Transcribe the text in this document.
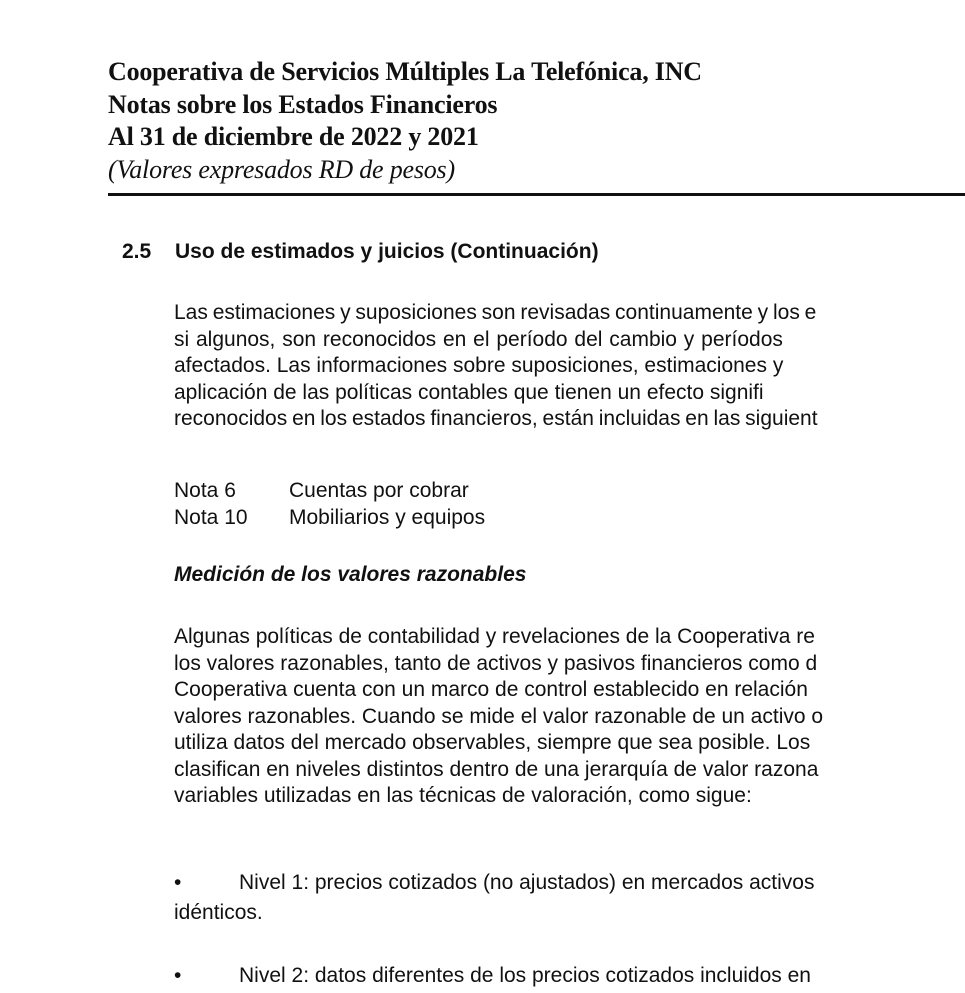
Cooperativa de Servicios Múltiples La Telefónica, INC
Notas sobre los Estados Financieros
Al 31 de diciembre de 2022 y 2021
(Valores expresados RD de pesos)
2.5 Uso de estimados y juicios (Continuación)
Las estimaciones y suposiciones son revisadas continuamente y los e
si algunos, son reconocidos en el período del cambio y períodos
afectados. Las informaciones sobre suposiciones, estimaciones y
aplicación de las políticas contables que tienen un efecto signifi
reconocidos en los estados financieros, están incluidas en las siguient
Nota 6	Cuentas por cobrar
Nota 10 Mobiliarios y equipos
Medición de los valores razonables
Algunas políticas de contabilidad y revelaciones de la Cooperativa re
los valores razonables, tanto de activos y pasivos financieros como d
Cooperativa cuenta con un marco de control establecido en relación
valores razonables. Cuando se mide el valor razonable de un activo o
utiliza datos del mercado observables, siempre que sea posible. Los
clasifican en niveles distintos dentro de una jerarquía de valor razona
variables utilizadas en las técnicas de valoración, como sigue:
•	Nivel 1: precios cotizados (no ajustados) en mercados activos
idénticos.
•	Nivel 2: datos diferentes de los precios cotizados incluidos en
